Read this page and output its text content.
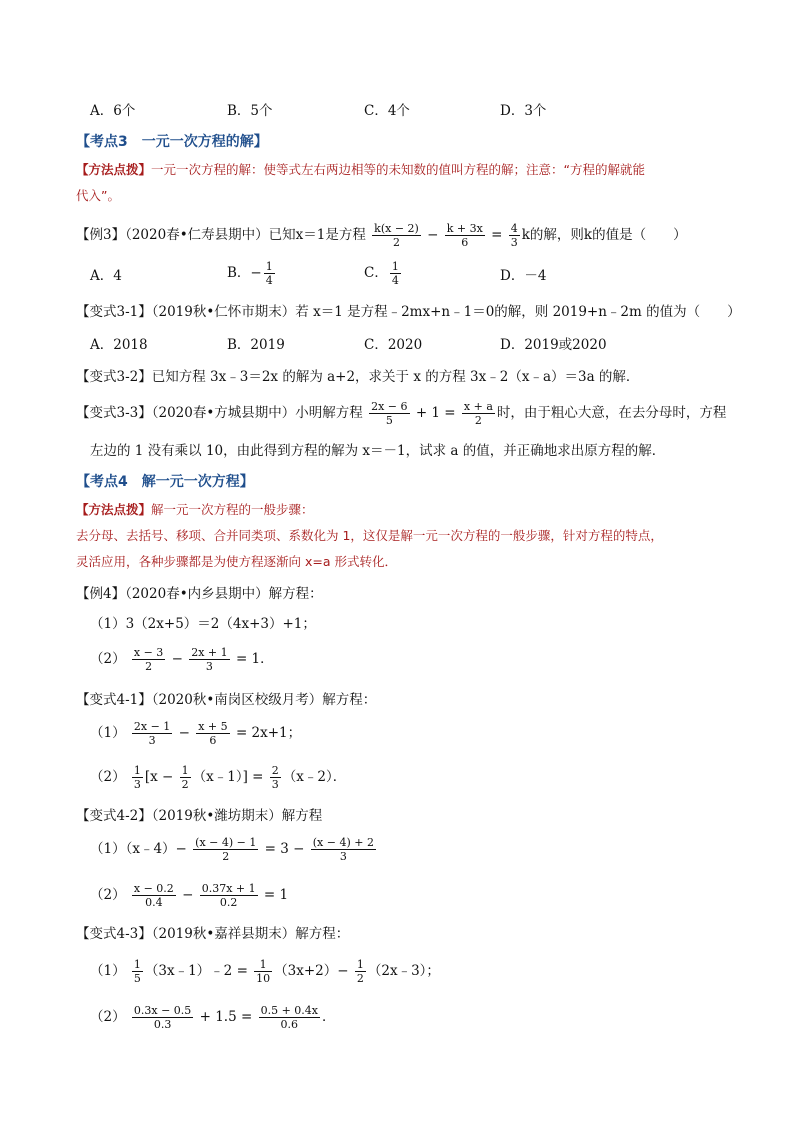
A．6个	B．5个	C．4个	D．3个
【考点3　一元一次方程的解】
【方法点拨】一元一次方程的解：使等式左右两边相等的未知数的值叫方程的解；注意：“方程的解就能
代入”。
【例3】（2020春•仁寿县期中）已知x＝1是方程 $\frac{k(x - 2)}{2} - \frac{k + 3x}{6} = \frac{4}{3}$ k的解，则k的值是（　　）
A．4	B．− $\frac{1}{4}$	C． $\frac{1}{4}$	D．－4
【变式3-1】（2019秋•仁怀市期末）若 x＝1 是方程﹣2mx+n﹣1＝0的解，则 2019+n﹣2m 的值为（　　）
A．2018	B．2019	C．2020	D．2019或2020
【变式3-2】已知方程 3x﹣3＝2x 的解为 a+2，求关于 x 的方程 3x﹣2（x﹣a）＝3a 的解．
【变式3-3】（2020春•方城县期中）小明解方程 $\frac{2x - 6}{5} + 1 = \frac{x + a}{2}$ 时，由于粗心大意，在去分母时，方程
左边的 1 没有乘以 10，由此得到方程的解为 x＝－1，试求 a 的值，并正确地求出原方程的解．
【考点4　解一元一次方程】
【方法点拨】解一元一次方程的一般步骤：
去分母、去括号、移项、合并同类项、系数化为 1，这仅是解一元一次方程的一般步骤，针对方程的特点，
灵活应用，各种步骤都是为使方程逐渐向 x=a 形式转化．
【例4】（2020春•内乡县期中）解方程：
（1）3（2x+5）＝2（4x+3）+1；
$(2) \frac{x - 3}{2} - \frac{2x + 1}{3} = 1$．
【变式4-1】（2020秋•南岗区校级月考）解方程：
$(1) \frac{2x - 1}{3} - \frac{x + 5}{6} = 2x+1$；
$(2) \frac{1}{3} [x - \frac{1}{2}$ （x﹣1）] = $\frac{2}{3}$ （x﹣2）．
【变式4-2】（2019秋•潍坊期末）解方程
（1）（x﹣4）− $\frac{(x - 4) - 1}{2} = 3 - \frac{(x - 4) + 2}{3}$
$(2) \frac{x - 0.2}{0.4} - \frac{0.37x + 1}{0.2} = 1$
【变式4-3】（2019秋•嘉祥县期末）解方程：
$(1) \frac{1}{5}$ （3x﹣1）﹣2 = $\frac{1}{10} (3x+2)- \frac{1}{2}$ （2x﹣3）；
$(2) \frac{0.3x - 0.5}{0.3} + 1.5 = \frac{0.5 + 0.4x}{0.6}$ ．
